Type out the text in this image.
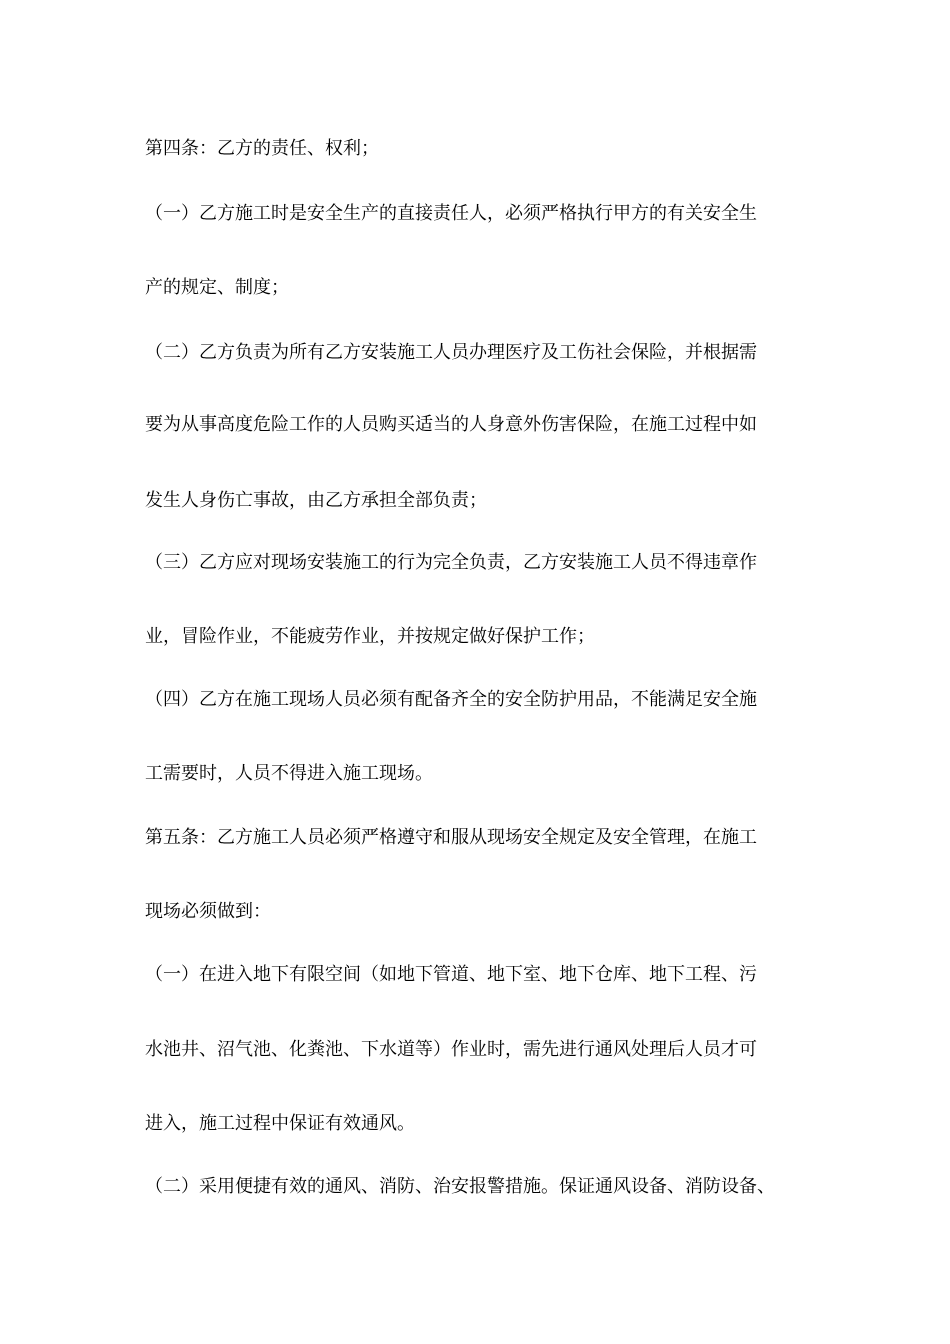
第四条：乙方的责任、权利；

（一）乙方施工时是安全生产的直接责任人，必须严格执行甲方的有关安全生

产的规定、制度；

（二）乙方负责为所有乙方安装施工人员办理医疗及工伤社会保险，并根据需

要为从事高度危险工作的人员购买适当的人身意外伤害保险，在施工过程中如

发生人身伤亡事故，由乙方承担全部负责；

（三）乙方应对现场安装施工的行为完全负责，乙方安装施工人员不得违章作

业，冒险作业，不能疲劳作业，并按规定做好保护工作；

（四）乙方在施工现场人员必须有配备齐全的安全防护用品，不能满足安全施

工需要时，人员不得进入施工现场。

第五条：乙方施工人员必须严格遵守和服从现场安全规定及安全管理，在施工

现场必须做到：

（一）在进入地下有限空间（如地下管道、地下室、地下仓库、地下工程、污

水池井、沼气池、化粪池、下水道等）作业时，需先进行通风处理后人员才可

进入，施工过程中保证有效通风。

（二）采用便捷有效的通风、消防、治安报警措施。保证通风设备、消防设备、
